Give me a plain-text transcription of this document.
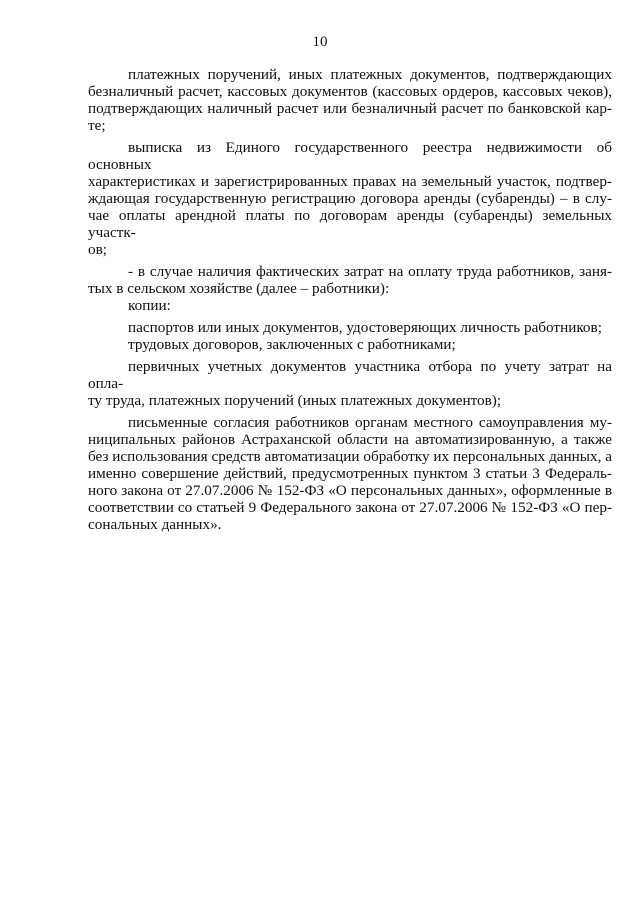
10

платежных поручений, иных платежных документов, подтверждающих

безналичный расчет, кассовых документов (кассовых ордеров, кассовых чеков),

подтверждающих наличный расчет или безналичный расчет по банковской кар-

те;

выписка из Единого государственного реестра недвижимости об основных

характеристиках и зарегистрированных правах на земельный участок, подтвер-

ждающая государственную регистрацию договора аренды (субаренды) – в слу-

чае оплаты арендной платы по договорам аренды (субаренды) земельных участк-

ов;

- в случае наличия фактических затрат на оплату труда работников, заня-

тых в сельском хозяйстве (далее – работники):

копии:

паспортов или иных документов, удостоверяющих личность работников;

трудовых договоров, заключенных с работниками;

первичных учетных документов участника отбора по учету затрат на опла-

ту труда, платежных поручений (иных платежных документов);

письменные согласия работников органам местного самоуправления му-

ниципальных районов Астраханской области на автоматизированную, а также

без использования средств автоматизации обработку их персональных данных, а

именно совершение действий, предусмотренных пунктом 3 статьи 3 Федераль-

ного закона от 27.07.2006 № 152-ФЗ «О персональных данных», оформленные в

соответствии со статьей 9 Федерального закона от 27.07.2006 № 152-ФЗ «О пер-

сональных данных».
